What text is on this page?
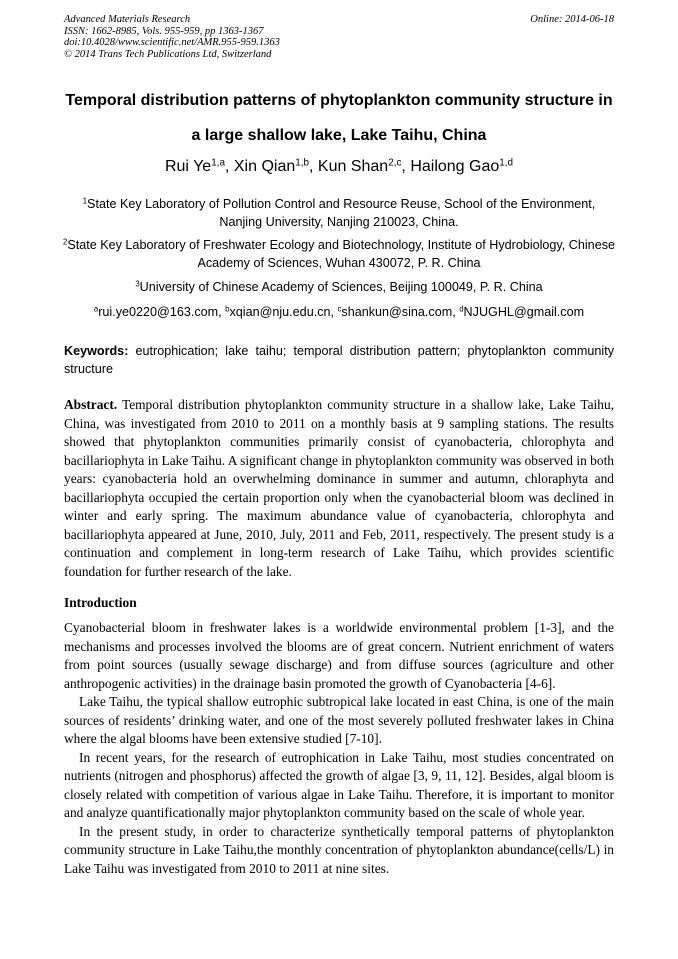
Advanced Materials Research
ISSN: 1662-8985, Vols. 955-959, pp 1363-1367
doi:10.4028/www.scientific.net/AMR.955-959.1363
© 2014 Trans Tech Publications Ltd, Switzerland
Online: 2014-06-18
Temporal distribution patterns of phytoplankton community structure in
a large shallow lake, Lake Taihu, China
Rui Ye$^{1,a}$, Xin Qian$^{1,b}$, Kun Shan$^{2,c}$, Hailong Gao$^{1,d}$
$^1$State Key Laboratory of Pollution Control and Resource Reuse, School of the Environment,
Nanjing University, Nanjing 210023, China.
$^2$State Key Laboratory of Freshwater Ecology and Biotechnology, Institute of Hydrobiology, Chinese
Academy of Sciences, Wuhan 430072, P. R. China
$^3$University of Chinese Academy of Sciences, Beijing 100049, P. R. China
$^a$rui.ye0220@163.com, $^b$xqian@nju.edu.cn, $^c$shankun@sina.com, $^d$NJUGHL@gmail.com
Keywords: eutrophication; lake taihu; temporal distribution pattern; phytoplankton community structure
Abstract. Temporal distribution phytoplankton community structure in a shallow lake, Lake Taihu, China, was investigated from 2010 to 2011 on a monthly basis at 9 sampling stations. The results showed that phytoplankton communities primarily consist of cyanobacteria, chlorophyta and bacillariophyta in Lake Taihu. A significant change in phytoplankton community was observed in both years: cyanobacteria hold an overwhelming dominance in summer and autumn, chloraphyta and bacillariophyta occupied the certain proportion only when the cyanobacterial bloom was declined in winter and early spring. The maximum abundance value of cyanobacteria, chlorophyta and bacillariophyta appeared at June, 2010, July, 2011 and Feb, 2011, respectively. The present study is a continuation and complement in long-term research of Lake Taihu, which provides scientific foundation for further research of the lake.
Introduction

Cyanobacterial bloom in freshwater lakes is a worldwide environmental problem [1-3], and the mechanisms and processes involved the blooms are of great concern. Nutrient enrichment of waters from point sources (usually sewage discharge) and from diffuse sources (agriculture and other anthropogenic activities) in the drainage basin promoted the growth of Cyanobacteria [4-6].

Lake Taihu, the typical shallow eutrophic subtropical lake located in east China, is one of the main sources of residents’ drinking water, and one of the most severely polluted freshwater lakes in China where the algal blooms have been extensive studied [7-10].

In recent years, for the research of eutrophication in Lake Taihu, most studies concentrated on nutrients (nitrogen and phosphorus) affected the growth of algae [3, 9, 11, 12]. Besides, algal bloom is closely related with competition of various algae in Lake Taihu. Therefore, it is important to monitor and analyze quantificationally major phytoplankton community based on the scale of whole year.

In the present study, in order to characterize synthetically temporal patterns of phytoplankton community structure in Lake Taihu,the monthly concentration of phytoplankton abundance(cells/L) in Lake Taihu was investigated from 2010 to 2011 at nine sites.
